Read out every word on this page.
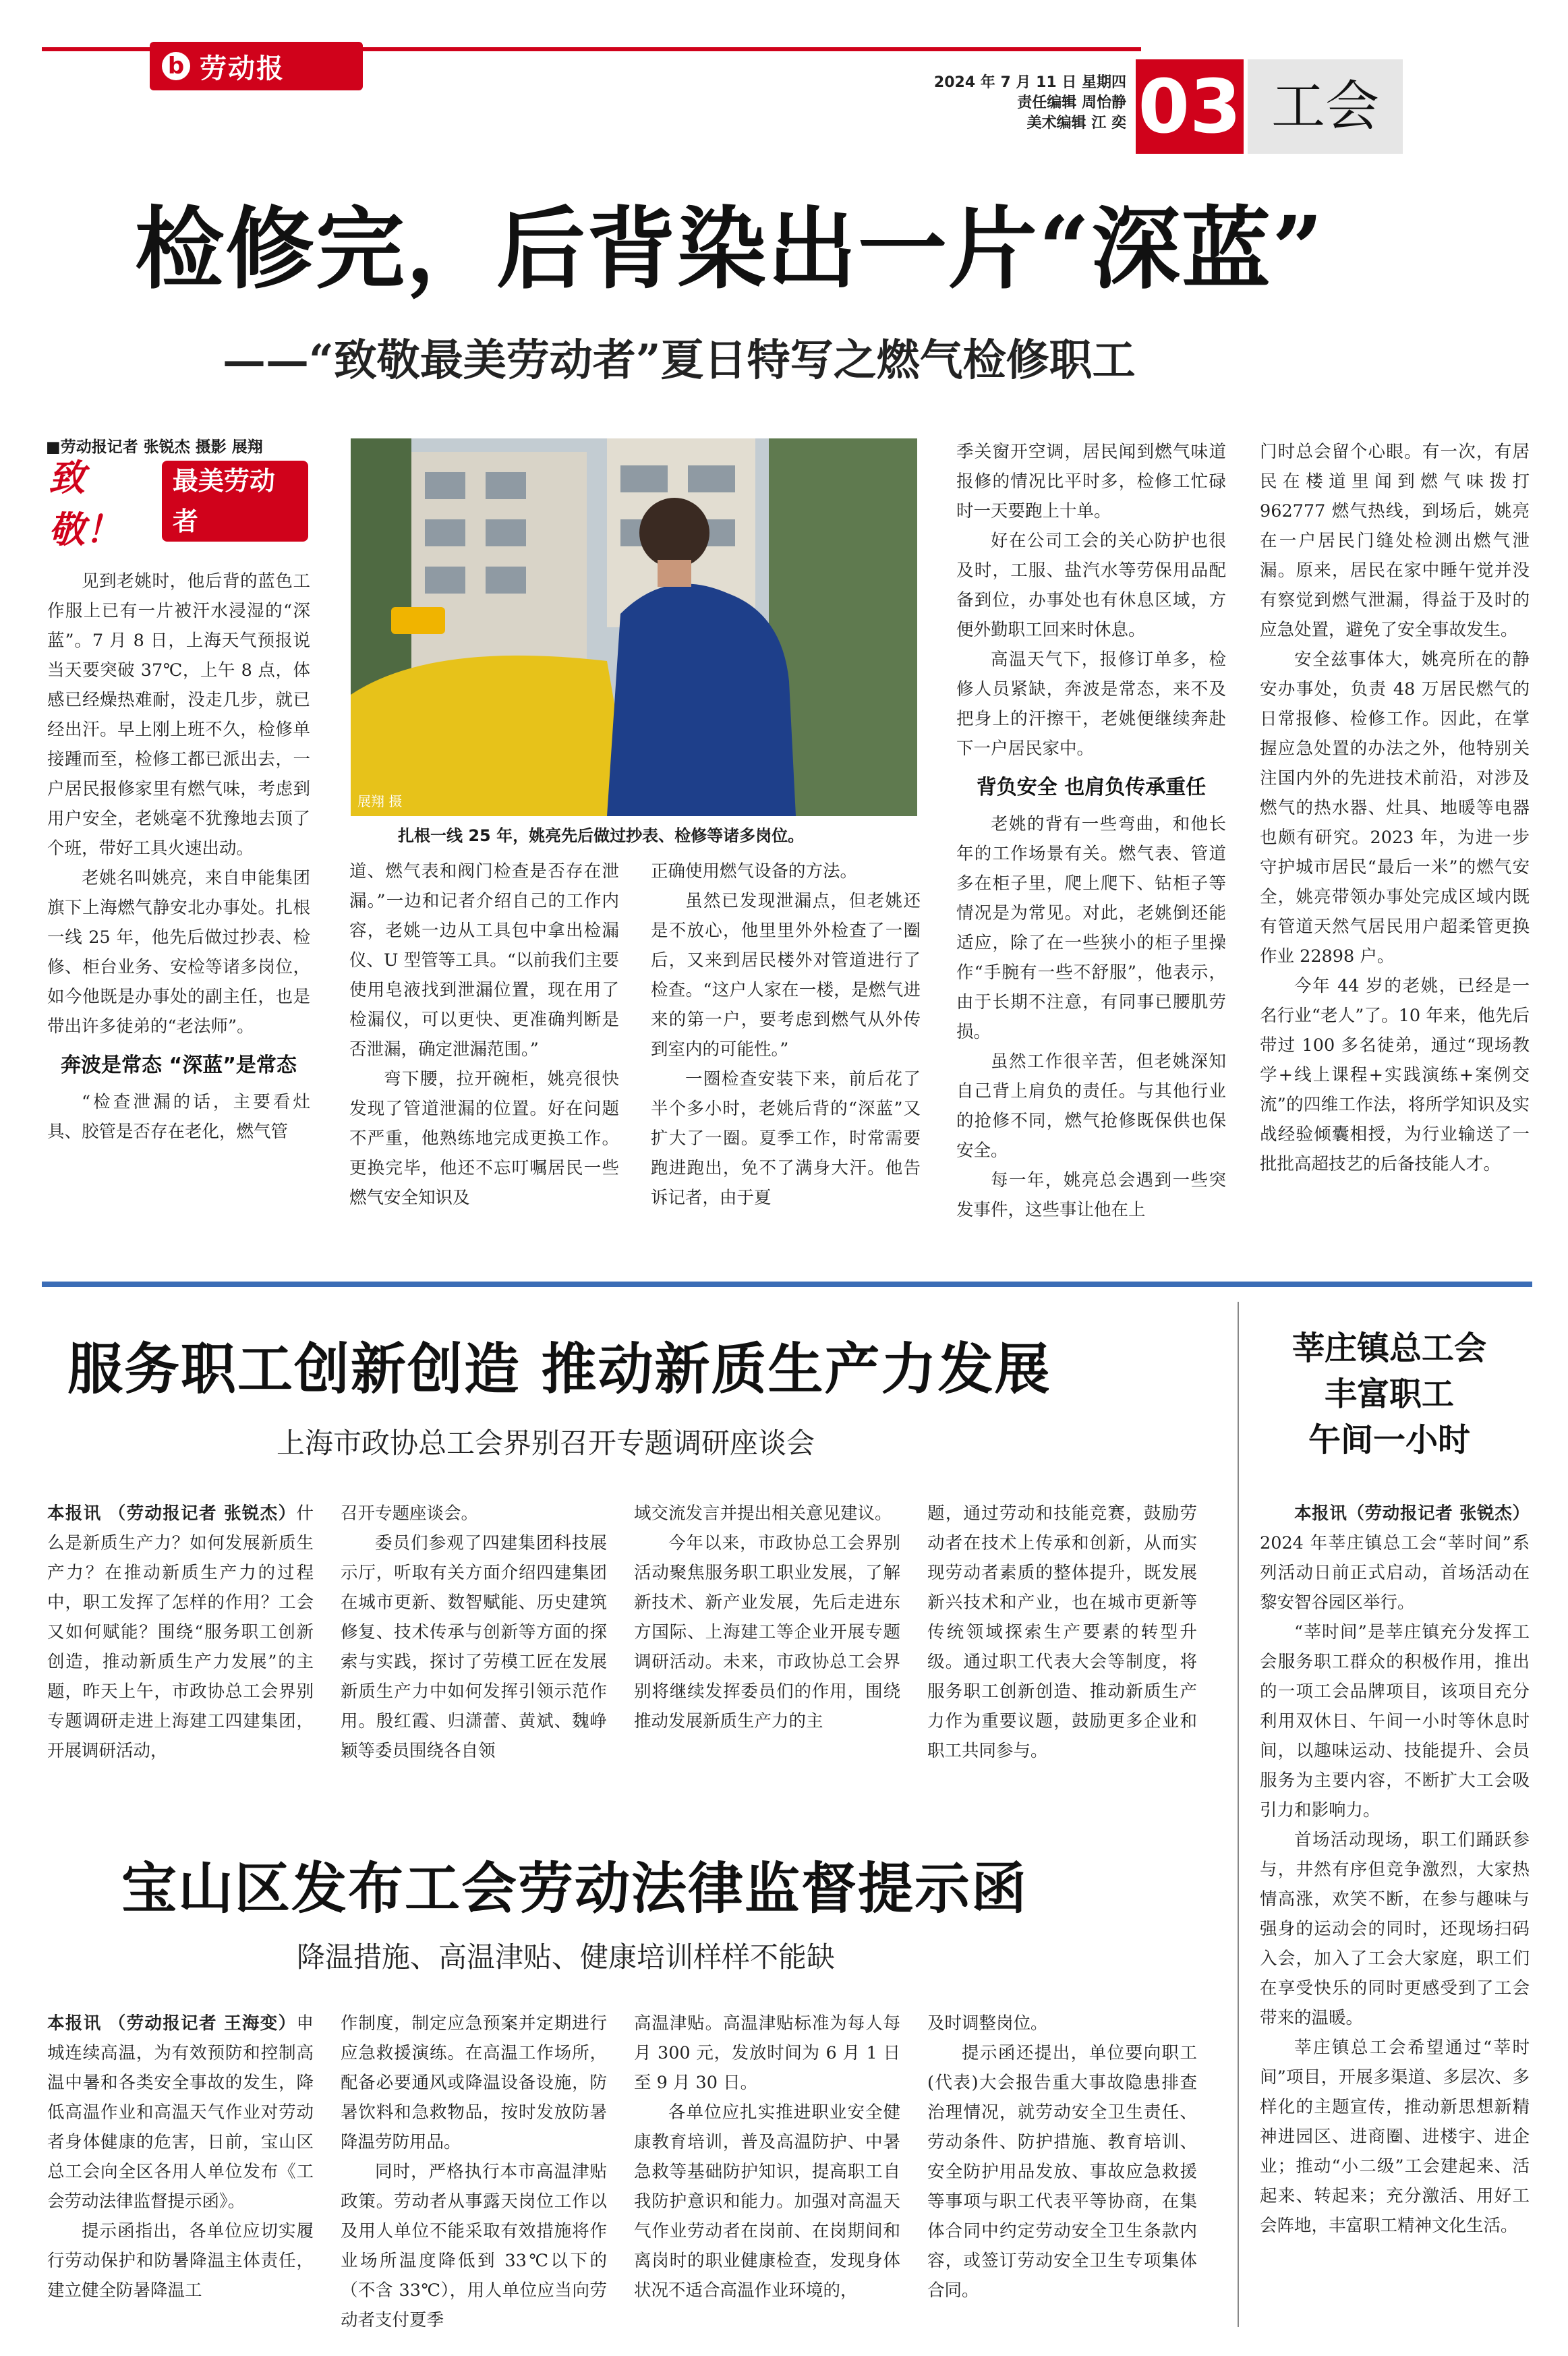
b 劳动报	2024 年 7 月 11 日 星期四
责任编辑 周怡静
美术编辑 江 奕 03 工会
检修完，后背染出一片“深蓝”
——“致敬最美劳动者”夏日特写之燃气检修职工
■劳动报记者 张锐杰 摄影 展翔
致敬！
最美劳动者

见到老姚时，他后背的蓝色工作服上已有一片被汗水浸湿的“深蓝”。7 月 8 日，上海天气预报说当天要突破 37℃，上午 8 点，体感已经燥热难耐，没走几步，就已经出汗。早上刚上班不久，检修单接踵而至，检修工都已派出去，一户居民报修家里有燃气味，考虑到用户安全，老姚毫不犹豫地去顶了个班，带好工具火速出动。

老姚名叫姚亮，来自申能集团旗下上海燃气静安北办事处。扎根一线 25 年，他先后做过抄表、检修、柜台业务、安检等诸多岗位，如今他既是办事处的副主任，也是带出许多徒弟的“老法师”。

奔波是常态 “深蓝”是常态

“检查泄漏的话，主要看灶具、胶管是否存在老化，燃气管

展翔 摄
扎根一线 25 年，姚亮先后做过抄表、检修等诸多岗位。

道、燃气表和阀门检查是否存在泄漏。”一边和记者介绍自己的工作内容，老姚一边从工具包中拿出检漏仪、U 型管等工具。“以前我们主要使用皂液找到泄漏位置，现在用了检漏仪，可以更快、更准确判断是否泄漏，确定泄漏范围。”

弯下腰，拉开碗柜，姚亮很快发现了管道泄漏的位置。好在问题不严重，他熟练地完成更换工作。更换完毕，他还不忘叮嘱居民一些燃气安全知识及

正确使用燃气设备的方法。

虽然已发现泄漏点，但老姚还是不放心，他里里外外检查了一圈后，又来到居民楼外对管道进行了检查。“这户人家在一楼，是燃气进来的第一户，要考虑到燃气从外传到室内的可能性。”

一圈检查安装下来，前后花了半个多小时，老姚后背的“深蓝”又扩大了一圈。夏季工作，时常需要跑进跑出，免不了满身大汗。他告诉记者，由于夏

季关窗开空调，居民闻到燃气味道报修的情况比平时多，检修工忙碌时一天要跑上十单。

好在公司工会的关心防护也很及时，工服、盐汽水等劳保用品配备到位，办事处也有休息区域，方便外勤职工回来时休息。

高温天气下，报修订单多，检修人员紧缺，奔波是常态，来不及把身上的汗擦干，老姚便继续奔赴下一户居民家中。

背负安全 也肩负传承重任

老姚的背有一些弯曲，和他长年的工作场景有关。燃气表、管道多在柜子里，爬上爬下、钻柜子等情况是为常见。对此，老姚倒还能适应，除了在一些狭小的柜子里操作“手腕有一些不舒服”，他表示，由于长期不注意，有同事已腰肌劳损。

虽然工作很辛苦，但老姚深知自己背上肩负的责任。与其他行业的抢修不同，燃气抢修既保供也保安全。

每一年，姚亮总会遇到一些突发事件，这些事让他在上

门时总会留个心眼。有一次，有居民在楼道里闻到燃气味拨打 962777 燃气热线，到场后，姚亮在一户居民门缝处检测出燃气泄漏。原来，居民在家中睡午觉并没有察觉到燃气泄漏，得益于及时的应急处置，避免了安全事故发生。

安全兹事体大，姚亮所在的静安办事处，负责 48 万居民燃气的日常报修、检修工作。因此，在掌握应急处置的办法之外，他特别关注国内外的先进技术前沿，对涉及燃气的热水器、灶具、地暖等电器也颇有研究。2023 年，为进一步守护城市居民“最后一米”的燃气安全，姚亮带领办事处完成区域内既有管道天然气居民用户超柔管更换作业 22898 户。

今年 44 岁的老姚，已经是一名行业“老人”了。10 年来，他先后带过 100 多名徒弟，通过“现场教学+线上课程+实践演练+案例交流”的四维工作法，将所学知识及实战经验倾囊相授，为行业输送了一批批高超技艺的后备技能人才。

服务职工创新创造 推动新质生产力发展
上海市政协总工会界别召开专题调研座谈会

本报讯 （劳动报记者 张锐杰）什么是新质生产力？如何发展新质生产力？在推动新质生产力的过程中，职工发挥了怎样的作用？工会又如何赋能？围绕“服务职工创新创造，推动新质生产力发展”的主题，昨天上午，市政协总工会界别专题调研走进上海建工四建集团，开展调研活动，

召开专题座谈会。

委员们参观了四建集团科技展示厅，听取有关方面介绍四建集团在城市更新、数智赋能、历史建筑修复、技术传承与创新等方面的探索与实践，探讨了劳模工匠在发展新质生产力中如何发挥引领示范作用。殷红霞、归潇蕾、黄斌、魏峥颖等委员围绕各自领

域交流发言并提出相关意见建议。

今年以来，市政协总工会界别活动聚焦服务职工职业发展，了解新技术、新产业发展，先后走进东方国际、上海建工等企业开展专题调研活动。未来，市政协总工会界别将继续发挥委员们的作用，围绕推动发展新质生产力的主

题，通过劳动和技能竞赛，鼓励劳动者在技术上传承和创新，从而实现劳动者素质的整体提升，既发展新兴技术和产业，也在城市更新等传统领域探索生产要素的转型升级。通过职工代表大会等制度，将服务职工创新创造、推动新质生产力作为重要议题，鼓励更多企业和职工共同参与。

莘庄镇总工会
丰富职工
午间一小时

本报讯（劳动报记者 张锐杰）2024 年莘庄镇总工会“莘时间”系列活动日前正式启动，首场活动在黎安智谷园区举行。

“莘时间”是莘庄镇充分发挥工会服务职工群众的积极作用，推出的一项工会品牌项目，该项目充分利用双休日、午间一小时等休息时间，以趣味运动、技能提升、会员服务为主要内容，不断扩大工会吸引力和影响力。

首场活动现场，职工们踊跃参与，井然有序但竞争激烈，大家热情高涨，欢笑不断，在参与趣味与强身的运动会的同时，还现场扫码入会，加入了工会大家庭，职工们在享受快乐的同时更感受到了工会带来的温暖。

莘庄镇总工会希望通过“莘时间”项目，开展多渠道、多层次、多样化的主题宣传，推动新思想新精神进园区、进商圈、进楼宇、进企业；推动“小二级”工会建起来、活起来、转起来；充分激活、用好工会阵地，丰富职工精神文化生活。

宝山区发布工会劳动法律监督提示函
降温措施、高温津贴、健康培训样样不能缺

本报讯 （劳动报记者 王海变）申城连续高温，为有效预防和控制高温中暑和各类安全事故的发生，降低高温作业和高温天气作业对劳动者身体健康的危害，日前，宝山区总工会向全区各用人单位发布《工会劳动法律监督提示函》。

提示函指出，各单位应切实履行劳动保护和防暑降温主体责任，建立健全防暑降温工

作制度，制定应急预案并定期进行应急救援演练。在高温工作场所，配备必要通风或降温设备设施，防暑饮料和急救物品，按时发放防暑降温劳防用品。

同时，严格执行本市高温津贴政策。劳动者从事露天岗位工作以及用人单位不能采取有效措施将作业场所温度降低到 33℃以下的（不含 33℃），用人单位应当向劳动者支付夏季

高温津贴。高温津贴标准为每人每月 300 元，发放时间为 6 月 1 日至 9 月 30 日。

各单位应扎实推进职业安全健康教育培训，普及高温防护、中暑急救等基础防护知识，提高职工自我防护意识和能力。加强对高温天气作业劳动者在岗前、在岗期间和离岗时的职业健康检查，发现身体状况不适合高温作业环境的，

及时调整岗位。

提示函还提出，单位要向职工(代表)大会报告重大事故隐患排查治理情况，就劳动安全卫生责任、劳动条件、防护措施、教育培训、安全防护用品发放、事故应急救援等事项与职工代表平等协商，在集体合同中约定劳动安全卫生条款内容，或签订劳动安全卫生专项集体合同。
